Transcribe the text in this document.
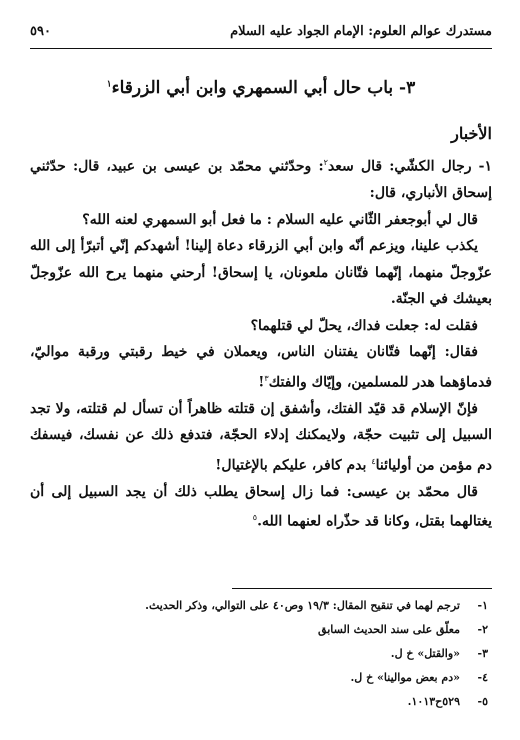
مستدرك عوالم العلوم: الإمام الجواد عليه السلام
٥٩٠
٣- باب حال أبي السمهري وابن أبي الزرقاء$^١$
الأخبار

١- رجال الكشّي: قال سعد$^٢$: وحدّثني محمّد بن عيسى بن عبيد، قال: حدّثني إسحاق الأنباري، قال:

قال لي أبوجعفر الثّاني عليه السلام : ما فعل أبو السمهري لعنه الله؟

يكذب علينا، ويزعم أنّه وابن أبي الزرقاء دعاة إلينا! أشهدكم إنّي أتبرّأ إلى الله عزّوجلّ منهما، إنّهما فتّانان ملعونان، يا إسحاق! أرحني منهما يرح الله عزّوجلّ بعيشك في الجنّة.

فقلت له: جعلت فداك، يحلّ لي قتلهما؟

فقال: إنّهما فتّانان يفتنان الناس، ويعملان في خيط رقبتي ورقبة مواليّ، فدماؤهما هدر للمسلمين، وإيّاك والفتك$^٣$!

فإنّ الإسلام قد قيّد الفتك، وأشفق إن قتلته ظاهراً أن تسأل لم قتلته، ولا تجد السبيل إلى تثبيت حجّة، ولايمكنك إدلاء الحجّة، فتدفع ذلك عن نفسك، فيسفك دم مؤمن من أوليائنا$^٤$ بدم كافر، عليكم بالإغتيال!

قال محمّد بن عيسى: فما زال إسحاق يطلب ذلك أن يجد السبيل إلى أن يغتالهما بقتل، وكانا قد حذّراه لعنهما الله.$^٥$

١-
ترجم لهما في تنقيح المقال: ١٩/٣ وص٤٠ على التوالي، وذكر الحديث.
٢-
معلّق على سند الحديث السابق
٣-
«والقتل» خ ل.
٤-
«دم بعض موالينا» خ ل.
٥-
٥٢٩ح١٠١٣.
